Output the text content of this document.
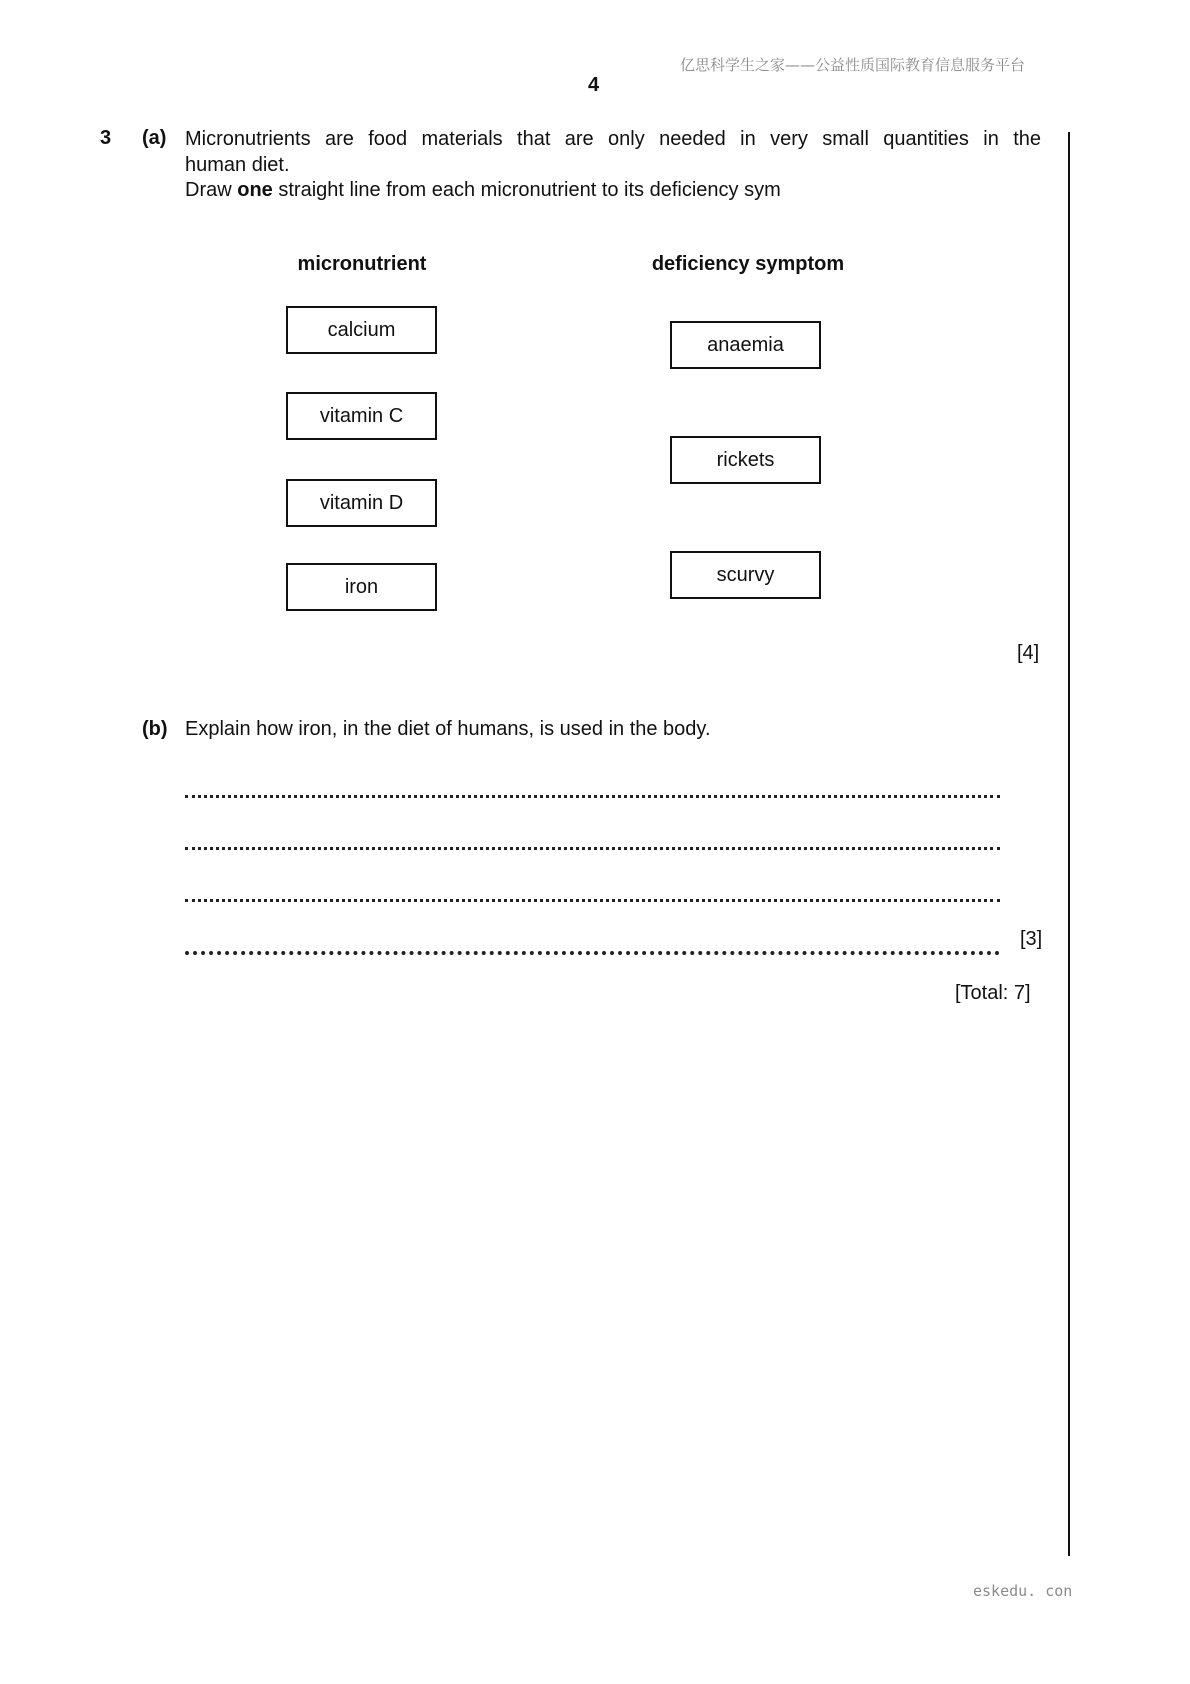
亿思科学生之家——公益性质国际教育信息服务平台
4
3 (a) Micronutrients are food materials that are only needed in very small quantities in the
human diet.
Draw one straight line from each micronutrient to its deficiency sym
micronutrient	deficiency symptom
calcium
vitamin C
vitamin D
iron
anaemia
rickets
scurvy
[4]
(b) Explain how iron, in the diet of humans, is used in the body.
[3]
[Total: 7]
eskedu. con
